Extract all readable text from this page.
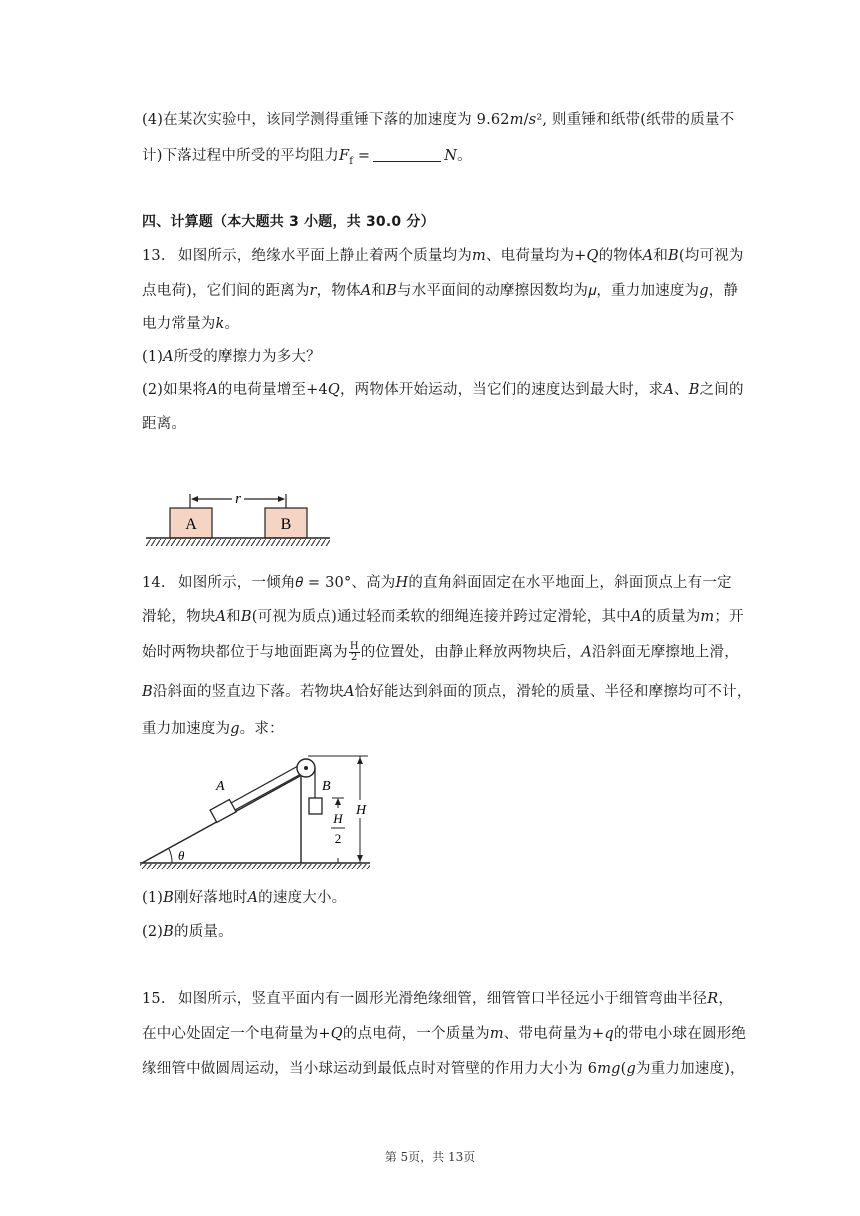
(4)在某次实验中，该同学测得重锤下落的加速度为 9.62𝑚/𝑠², 则重锤和纸带(纸带的质量不
计)下落过程中所受的平均阻力𝐹$_f$ =	𝑁。
四、计算题（本大题共 3 小题，共 30.0 分）
13. 如图所示，绝缘水平面上静止着两个质量均为𝑚、电荷量均为+𝑄的物体𝐴和𝐵(均可视为
点电荷)，它们间的距离为𝑟，物体𝐴和𝐵与水平面间的动摩擦因数均为𝜇，重力加速度为𝑔，静
电力常量为𝑘。
(1)𝐴所受的摩擦力为多大？
(2)如果将𝐴的电荷量增至+4𝑄，两物体开始运动，当它们的速度达到最大时，求𝐴、𝐵之间的
距离。
r
A	B
14. 如图所示，一倾角𝜃 = 30°、高为𝐻的直角斜面固定在水平地面上，斜面顶点上有一定
滑轮，物块𝐴和𝐵(可视为质点)通过轻而柔软的细绳连接并跨过定滑轮，其中𝐴的质量为𝑚；开
始时两物块都位于与地面距离为 $\frac{H}{2}$ 的位置处，由静止释放两物块后，𝐴沿斜面无摩擦地上滑，
𝐵沿斜面的竖直边下落。若物块𝐴恰好能达到斜面的顶点，滑轮的质量、半径和摩擦均可不计，
重力加速度为𝑔。求：
θ
A	B
H
2
H
(1)𝐵刚好落地时𝐴的速度大小。
(2)𝐵的质量。
15. 如图所示，竖直平面内有一圆形光滑绝缘细管，细管管口半径远小于细管弯曲半径𝑅，
在中心处固定一个电荷量为+𝑄的点电荷，一个质量为𝑚、带电荷量为+𝑞的带电小球在圆形绝
缘细管中做圆周运动，当小球运动到最低点时对管壁的作用力大小为 6𝑚𝑔(𝑔为重力加速度)，
第 5页，共 13页
